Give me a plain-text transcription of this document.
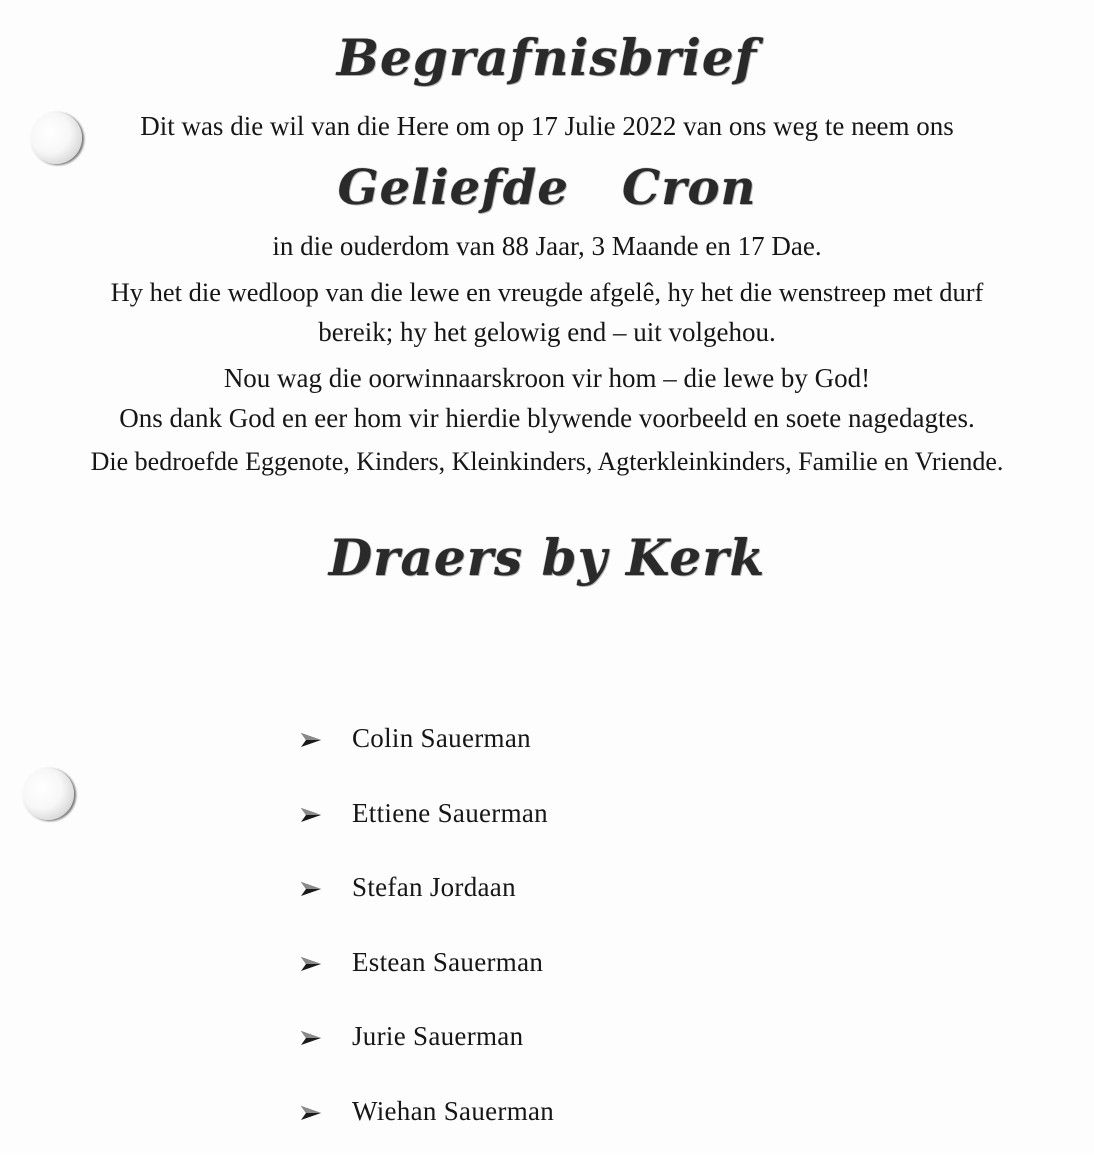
Begrafnisbrief
Dit was die wil van die Here om op 17 Julie 2022 van ons weg te neem ons
Geliefde   Cron
in die ouderdom van 88 Jaar, 3 Maande en 17 Dae.
Hy het die wedloop van die lewe en vreugde afgelê, hy het die wenstreep met durf
bereik; hy het gelowig end – uit volgehou.
Nou wag die oorwinnaarskroon vir hom – die lewe by God!
Ons dank God en eer hom vir hierdie blywende voorbeeld en soete nagedagtes.
Die bedroefde Eggenote, Kinders, Kleinkinders, Agterkleinkinders, Familie en Vriende.
Draers by Kerk
Colin Sauerman
Ettiene Sauerman
Stefan Jordaan
Estean Sauerman
Jurie Sauerman
Wiehan Sauerman
